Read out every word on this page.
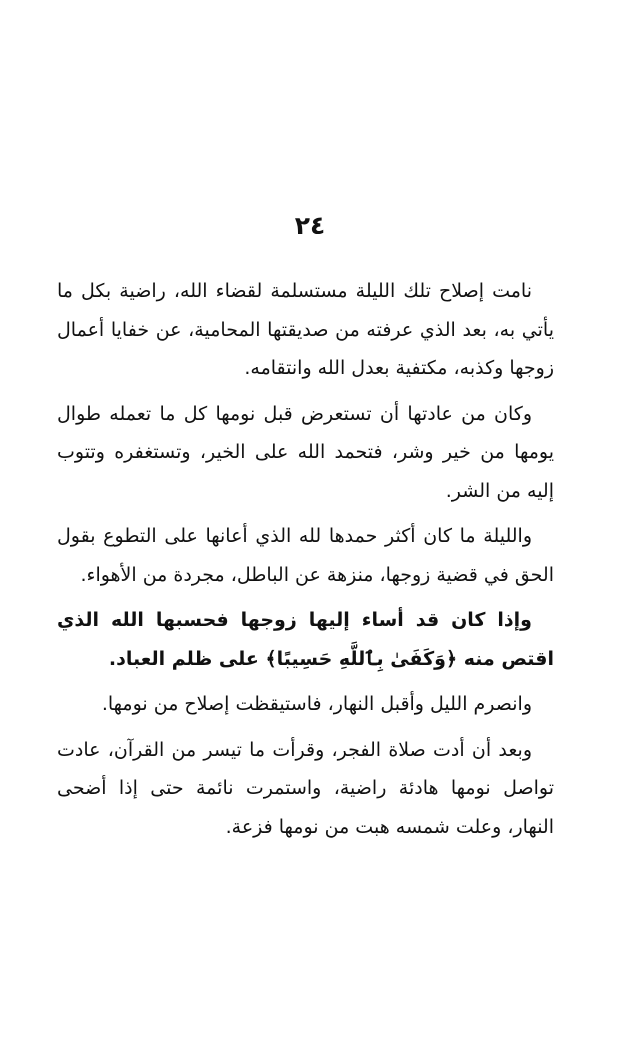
٢٤

نامت إصلاح تلك الليلة مستسلمة لقضاء الله، راضية بكل ما يأتي به، بعد الذي عرفته من صديقتها المحامية، عن خفايا أعمال زوجها وكذبه، مكتفية بعدل الله وانتقامه.

وكان من عادتها أن تستعرض قبل نومها كل ما تعمله طوال يومها من خير وشر، فتحمد الله على الخير، وتستغفره وتتوب إليه من الشر.

والليلة ما كان أكثر حمدها لله الذي أعانها على التطوع بقول الحق في قضية زوجها، منزهة عن الباطل، مجردة من الأهواء.

وإذا كان قد أساء إليها زوجها فحسبها الله الذي اقتص منه ﴿وَكَفَىٰ بِٱللَّهِ حَسِيبًا﴾ على ظلم العباد.

وانصرم الليل وأقبل النهار، فاستيقظت إصلاح من نومها.

وبعد أن أدت صلاة الفجر، وقرأت ما تيسر من القرآن، عادت تواصل نومها هادئة راضية، واستمرت نائمة حتى إذا أضحى النهار، وعلت شمسه هبت من نومها فزعة.
